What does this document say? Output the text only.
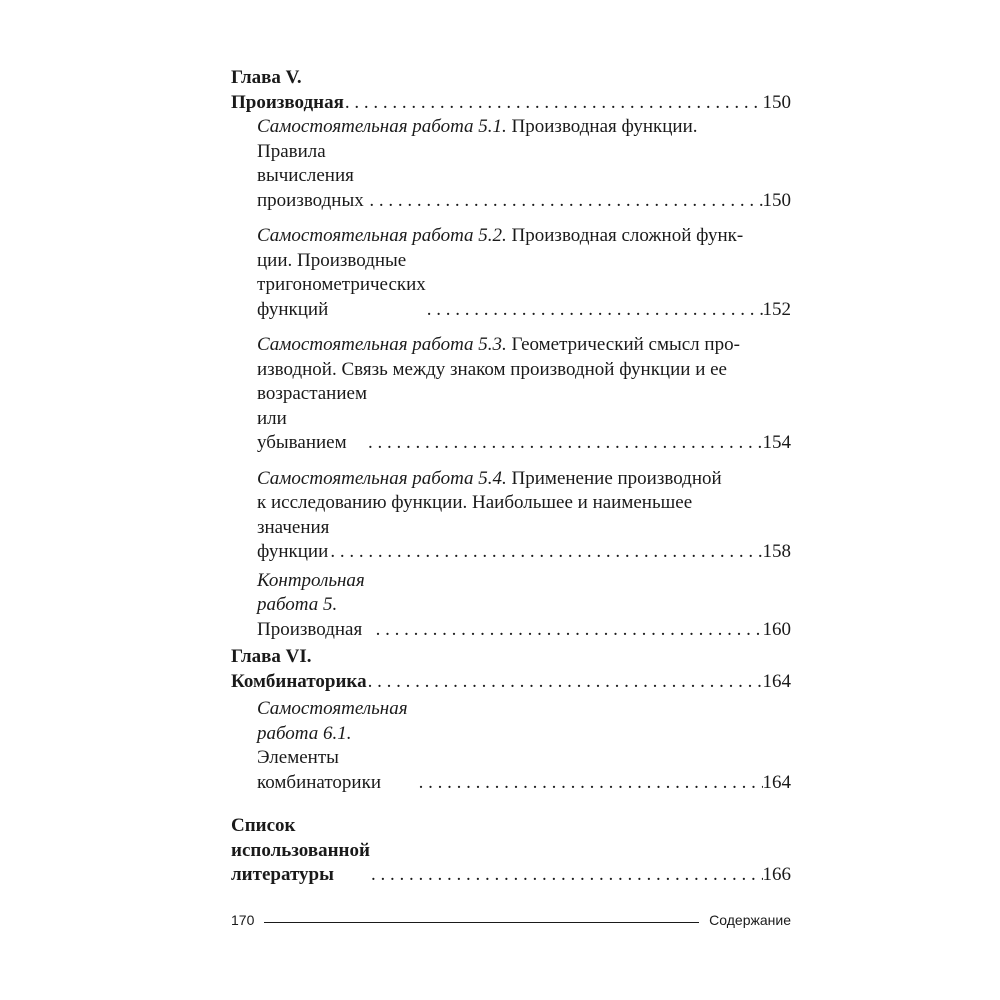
Глава V. Производная . . .	150
Самостоятельная работа 5.1. Производная функции.
Правила вычисления производных . . .	150
Самостоятельная работа 5.2. Производная сложной функ-
ции. Производные тригонометрических функций . . .	152
Самостоятельная работа 5.3. Геометрический смысл про-
изводной. Связь между знаком производной функции и ее
возрастанием или убыванием . . .	154
Самостоятельная работа 5.4. Применение производной
к исследованию функции. Наибольшее и наименьшее
значения функции . . .	158
Контрольная работа 5. Производная . . .	160
Глава VI. Комбинаторика . . .	164
Самостоятельная работа 6.1. Элементы комбинаторики . . .	164
Список использованной литературы . . .	166
170	Содержание
